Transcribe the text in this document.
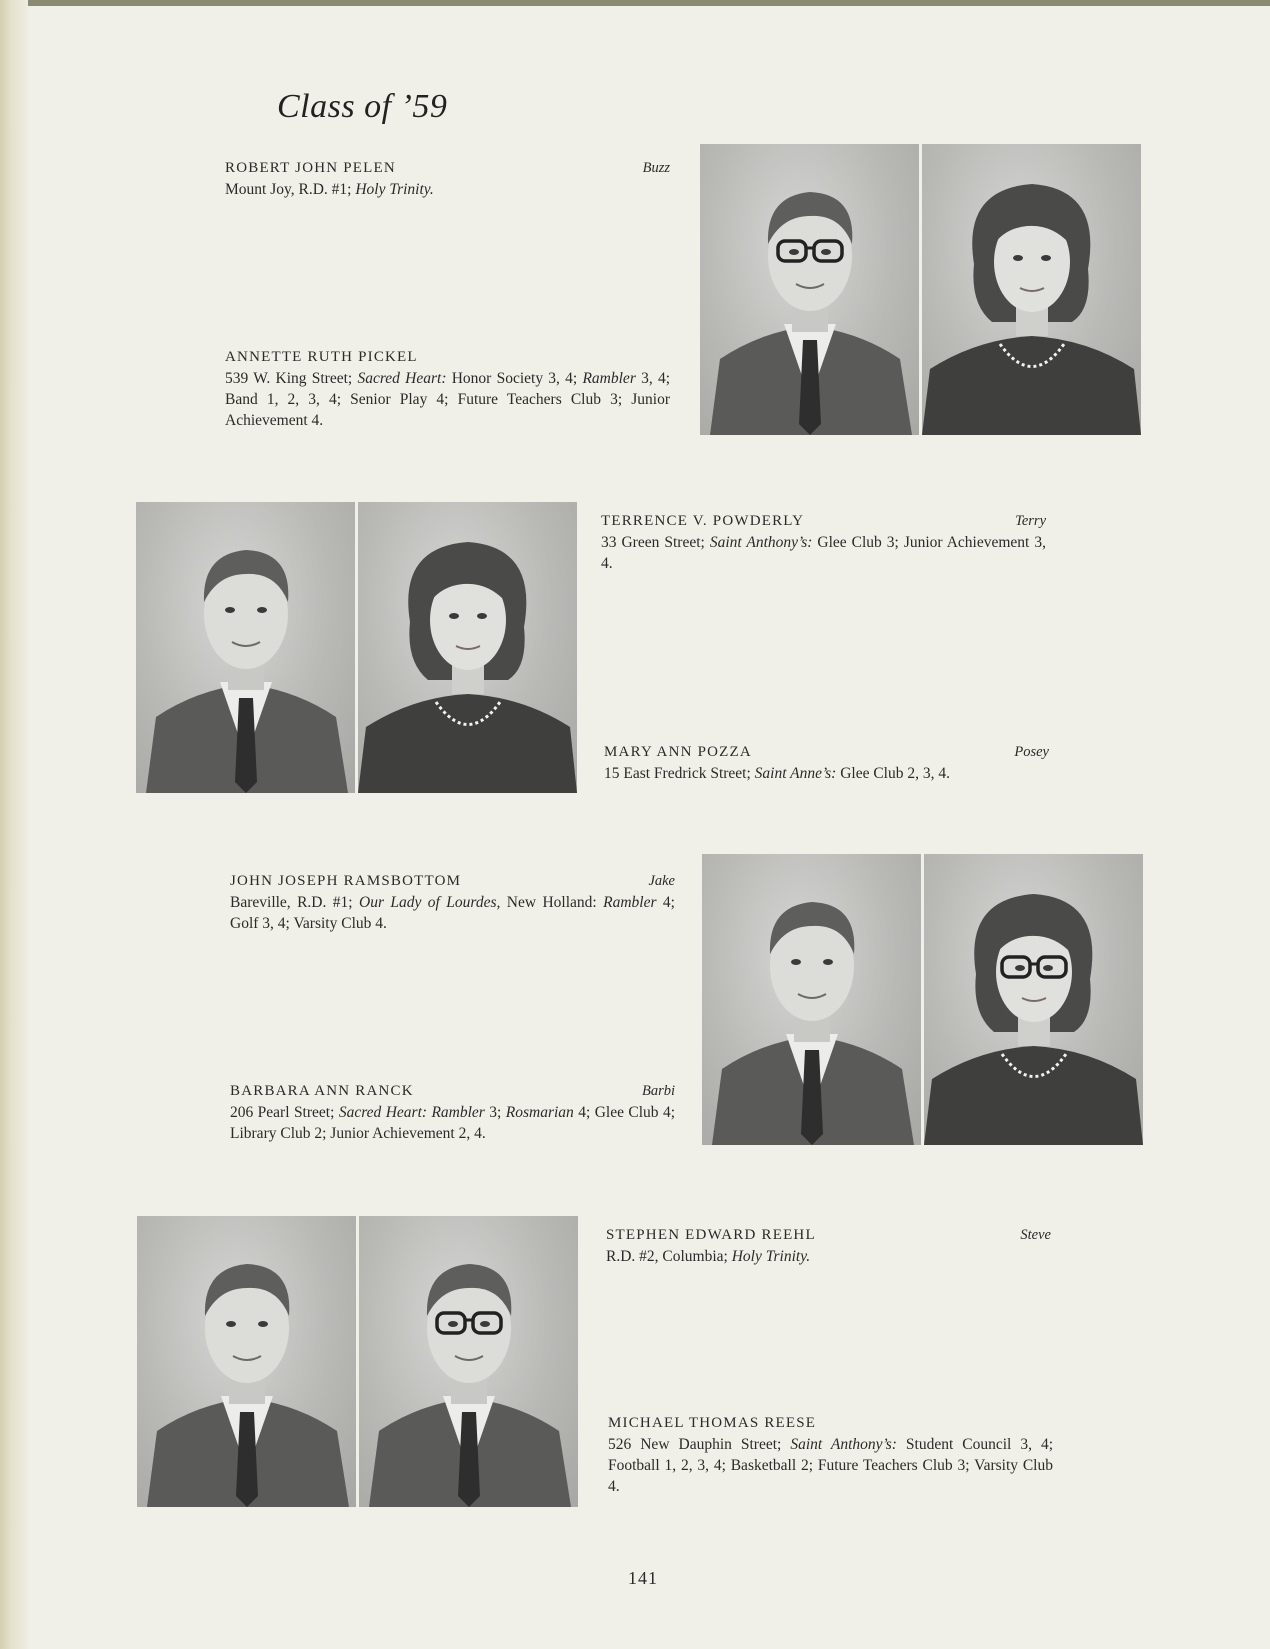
Class of ’59
ROBERT JOHN PELEN	Buzz
Mount Joy, R.D. #1; Holy Trinity.
ANNETTE RUTH PICKEL
539 W. King Street; Sacred Heart: Honor Society 3, 4; Rambler 3, 4; Band 1, 2, 3, 4; Senior Play 4; Future Teachers Club 3; Junior Achievement 4.
TERRENCE V. POWDERLY	Terry
33 Green Street; Saint Anthony’s: Glee Club 3; Junior Achievement 3, 4.
MARY ANN POZZA	Posey
15 East Fredrick Street; Saint Anne’s: Glee Club 2, 3, 4.
JOHN JOSEPH RAMSBOTTOM	Jake
Bareville, R.D. #1; Our Lady of Lourdes, New Holland: Rambler 4; Golf 3, 4; Varsity Club 4.
BARBARA ANN RANCK	Barbi
206 Pearl Street; Sacred Heart: Rambler 3; Rosmarian 4; Glee Club 4; Library Club 2; Junior Achievement 2, 4.
STEPHEN EDWARD REEHL	Steve
R.D. #2, Columbia; Holy Trinity.
MICHAEL THOMAS REESE
526 New Dauphin Street; Saint Anthony’s: Student Council 3, 4; Football 1, 2, 3, 4; Basketball 2; Future Teachers Club 3; Varsity Club 4.
141
